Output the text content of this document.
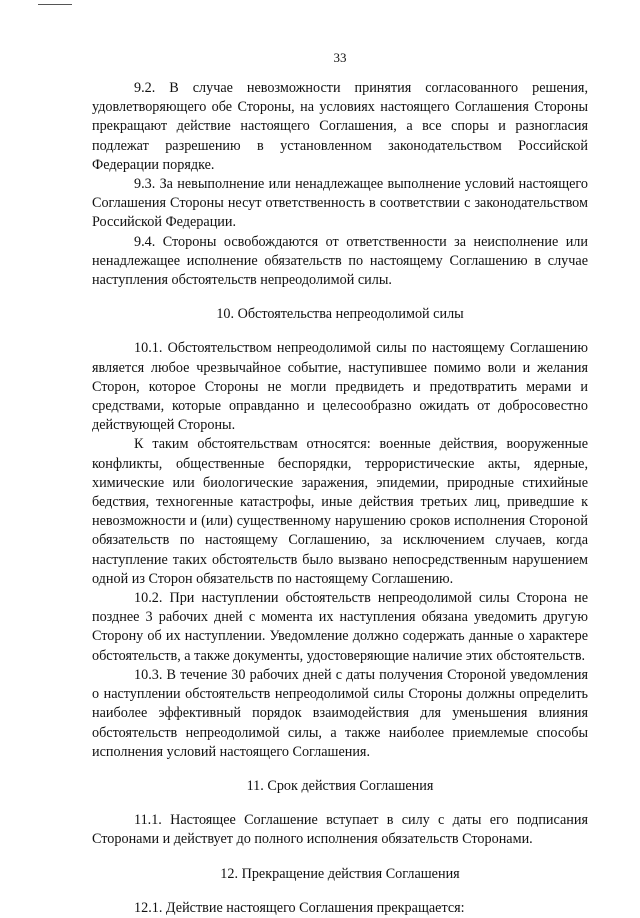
33

9.2. В случае невозможности принятия согласованного решения, удовлетворяющего обе Стороны, на условиях настоящего Соглашения Стороны прекращают действие настоящего Соглашения, а все споры и разногласия подлежат разрешению в установленном законодательством Российской Федерации порядке.

9.3. За невыполнение или ненадлежащее выполнение условий настоящего Соглашения Стороны несут ответственность в соответствии с законодательством Российской Федерации.

9.4. Стороны освобождаются от ответственности за неисполнение или ненадлежащее исполнение обязательств по настоящему Соглашению в случае наступления обстоятельств непреодолимой силы.

10. Обстоятельства непреодолимой силы

10.1. Обстоятельством непреодолимой силы по настоящему Соглашению является любое чрезвычайное событие, наступившее помимо воли и желания Сторон, которое Стороны не могли предвидеть и предотвратить мерами и средствами, которые оправданно и целесообразно ожидать от добросовестно действующей Стороны.

К таким обстоятельствам относятся: военные действия, вооруженные конфликты, общественные беспорядки, террористические акты, ядерные, химические или биологические заражения, эпидемии, природные стихийные бедствия, техногенные катастрофы, иные действия третьих лиц, приведшие к невозможности и (или) существенному нарушению сроков исполнения Стороной обязательств по настоящему Соглашению, за исключением случаев, когда наступление таких обстоятельств было вызвано непосредственным нарушением одной из Сторон обязательств по настоящему Соглашению.

10.2. При наступлении обстоятельств непреодолимой силы Сторона не позднее 3 рабочих дней с момента их наступления обязана уведомить другую Сторону об их наступлении. Уведомление должно содержать данные о характере обстоятельств, а также документы, удостоверяющие наличие этих обстоятельств.

10.3. В течение 30 рабочих дней с даты получения Стороной уведомления о наступлении обстоятельств непреодолимой силы Стороны должны определить наиболее эффективный порядок взаимодействия для уменьшения влияния обстоятельств непреодолимой силы, а также наиболее приемлемые способы исполнения условий настоящего Соглашения.

11. Срок действия Соглашения

11.1. Настоящее Соглашение вступает в силу с даты его подписания Сторонами и действует до полного исполнения обязательств Сторонами.

12. Прекращение действия Соглашения

12.1. Действие настоящего Соглашения прекращается:
